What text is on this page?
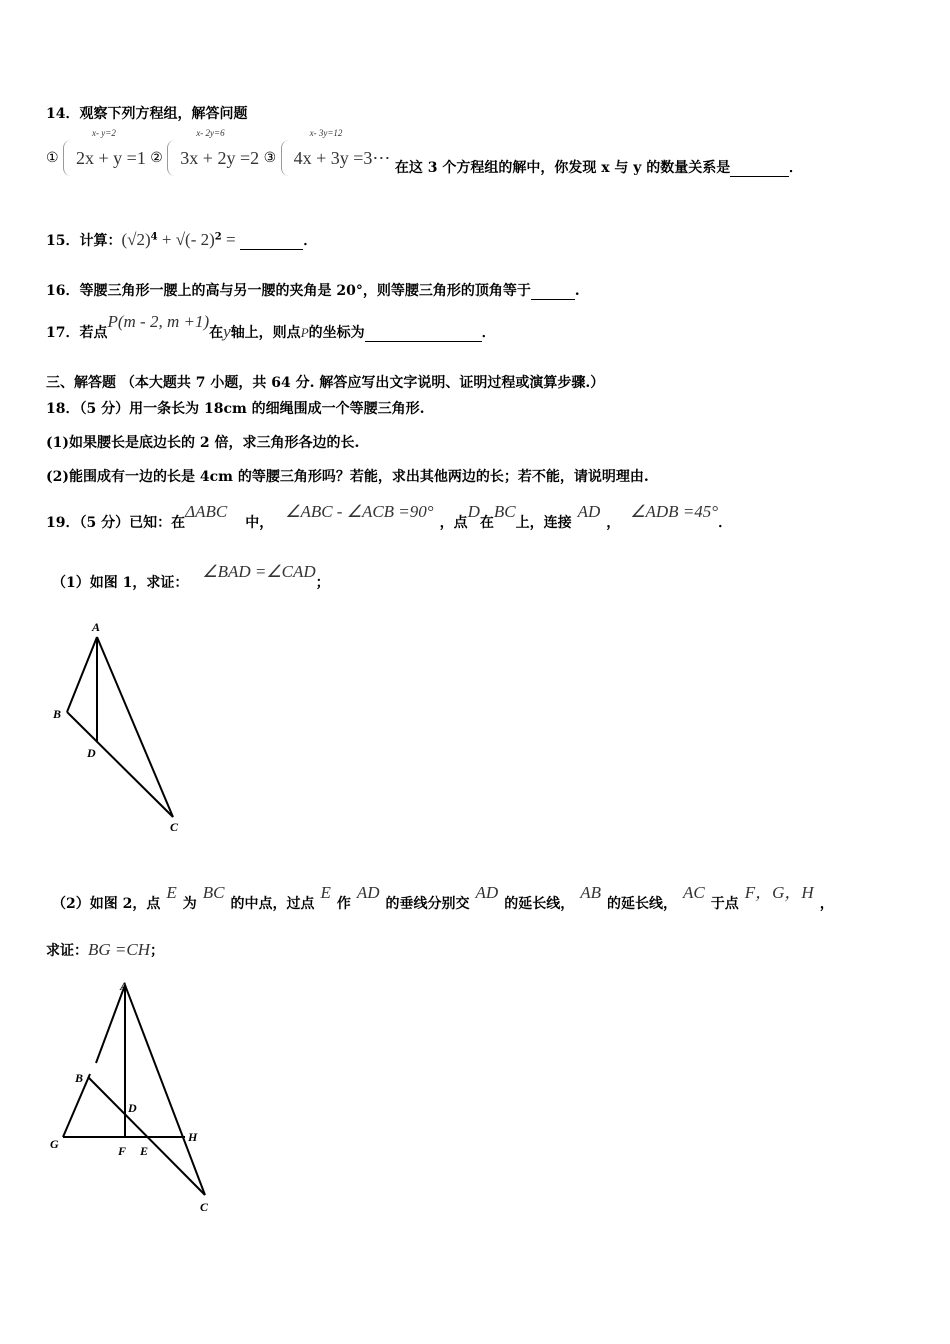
14．观察下列方程组，解答问题
①
x- y=2
2x + y =1 ②
x- 2y=6
3x + 2y =2 ③
x- 3y=12
4x + 3y =3⋯ 在这 3 个方程组的解中，你发现 x 与 y 的数量关系是	．
15．计算：$(√2)^4$ + √(- 2)$^2$ =	．
16．等腰三角形一腰上的高与另一腰的夹角是 20°，则等腰三角形的顶角等于	.
17．若点P(m - 2, m +1)在y轴上，则点P的坐标为	．
三、解答题 （本大题共 7 小题，共 64 分. 解答应写出文字说明、证明过程或演算步骤.）
18．（5 分）用一条长为 18cm 的细绳围成一个等腰三角形.
(1)如果腰长是底边长的 2 倍，求三角形各边的长.
(2)能围成有一边的长是 4cm 的等腰三角形吗？若能，求出其他两边的长；若不能，请说明理由.
19．（5 分）已知：在ΔABC中，∠ABC - ∠ACB =90°，点D在BC上，连接AD，∠ADB =45°．
（1）如图 1，求证：∠BAD =∠CAD；
（2）如图 2，点E为BC的中点，过点E作AD的垂线分别交AD的延长线，AB的延长线，AC于点F，G，H，
求证：BG =CH；
A
B
D
C
A
B
D
G	F E
H
C
